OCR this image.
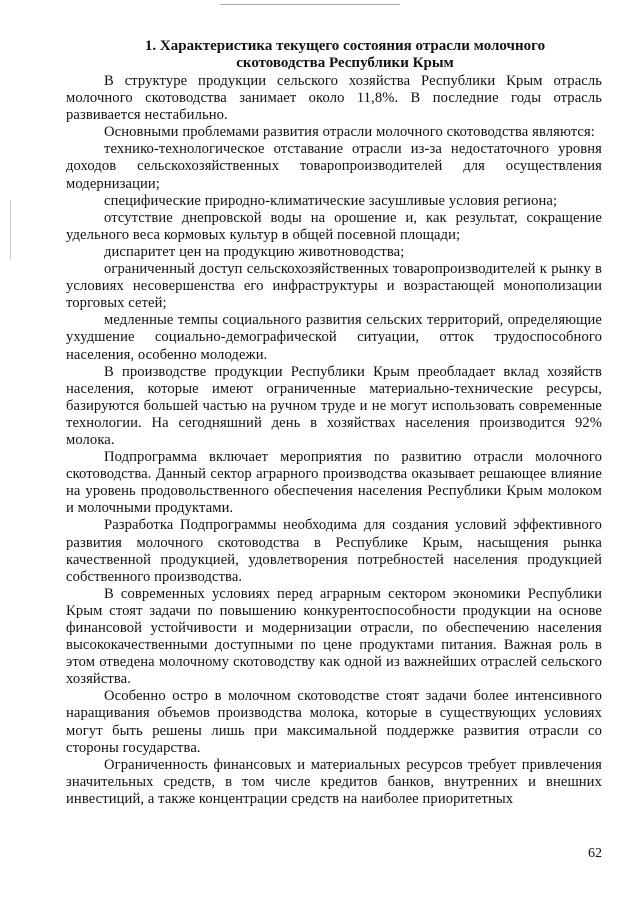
1. Характеристика текущего состояния отрасли молочного
скотоводства Республики Крым

В структуре продукции сельского хозяйства Республики Крым отрасль молочного скотоводства занимает около 11,8%. В последние годы отрасль развивается нестабильно.

Основными проблемами развития отрасли молочного скотоводства являются:

технико-технологическое отставание отрасли из-за недостаточного уровня доходов сельскохозяйственных товаропроизводителей для осуществления модернизации;

специфические природно-климатические засушливые условия региона;

отсутствие днепровской воды на орошение и, как результат, сокращение удельного веса кормовых культур в общей посевной площади;

диспаритет цен на продукцию животноводства;

ограниченный доступ сельскохозяйственных товаропроизводителей к рынку в условиях несовершенства его инфраструктуры и возрастающей монополизации торговых сетей;

медленные темпы социального развития сельских территорий, определяющие ухудшение социально-демографической ситуации, отток трудоспособного населения, особенно молодежи.

В производстве продукции Республики Крым преобладает вклад хозяйств населения, которые имеют ограниченные материально-технические ресурсы, базируются большей частью на ручном труде и не могут использовать современные технологии. На сегодняшний день в хозяйствах населения производится 92% молока.

Подпрограмма включает мероприятия по развитию отрасли молочного скотоводства. Данный сектор аграрного производства оказывает решающее влияние на уровень продовольственного обеспечения населения Республики Крым молоком и молочными продуктами.

Разработка Подпрограммы необходима для создания условий эффективного развития молочного скотоводства в Республике Крым, насыщения рынка качественной продукцией, удовлетворения потребностей населения продукцией собственного производства.

В современных условиях перед аграрным сектором экономики Республики Крым стоят задачи по повышению конкурентоспособности продукции на основе финансовой устойчивости и модернизации отрасли, по обеспечению населения высококачественными доступными по цене продуктами питания. Важная роль в этом отведена молочному скотоводству как одной из важнейших отраслей сельского хозяйства.

Особенно остро в молочном скотоводстве стоят задачи более интенсивного наращивания объемов производства молока, которые в существующих условиях могут быть решены лишь при максимальной поддержке развития отрасли со стороны государства.

Ограниченность финансовых и материальных ресурсов требует привлечения значительных средств, в том числе кредитов банков, внутренних и внешних инвестиций, а также концентрации средств на наиболее приоритетных

62
